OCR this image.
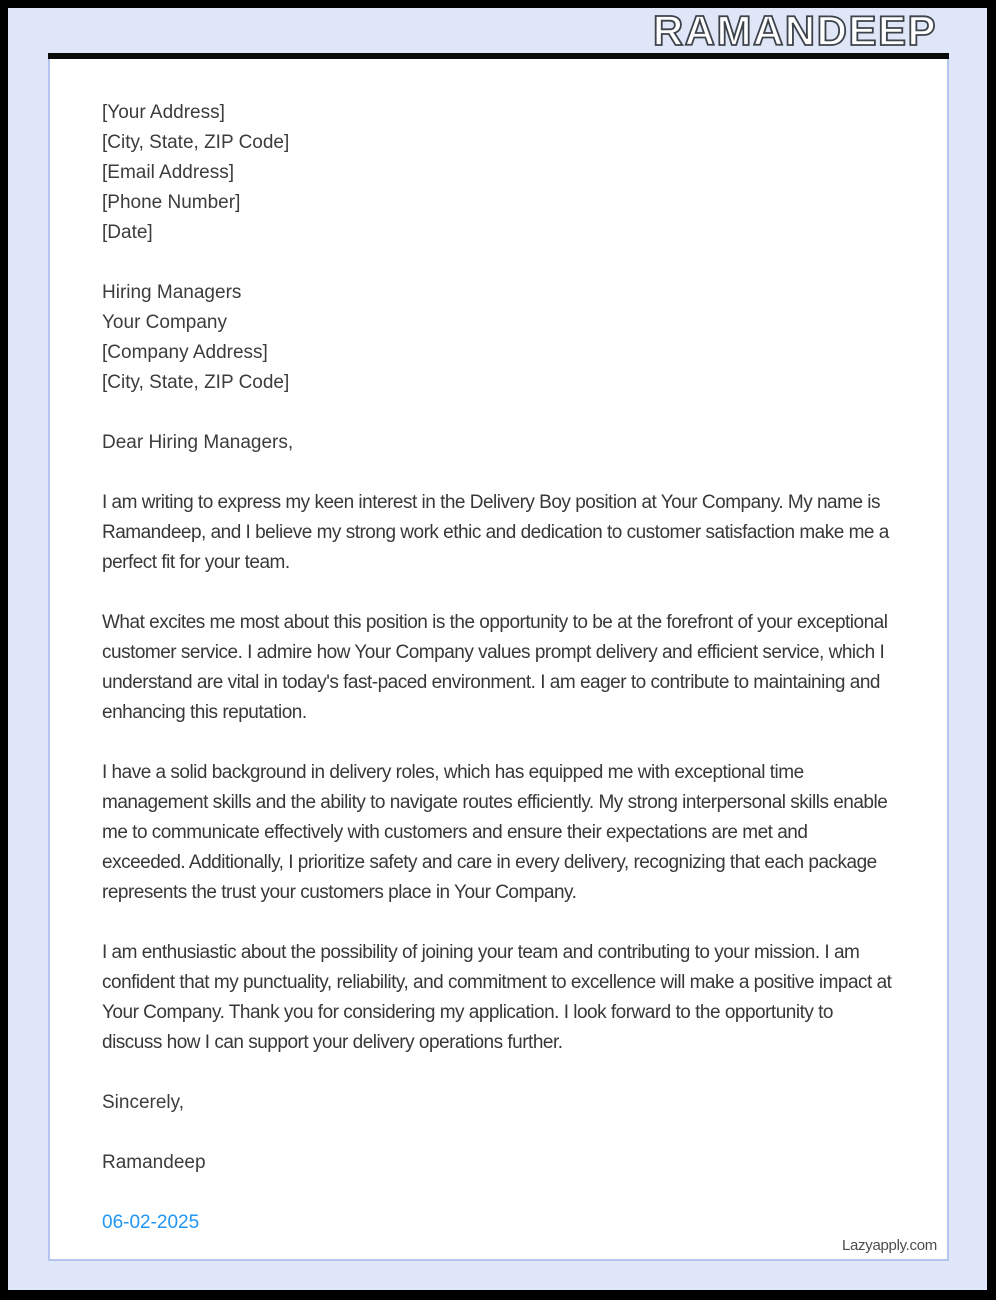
RAMANDEEP
[Your Address]
[City, State, ZIP Code]
[Email Address]
[Phone Number]
[Date]
Hiring Managers
Your Company
[Company Address]
[City, State, ZIP Code]
Dear Hiring Managers,

I am writing to express my keen interest in the Delivery Boy position at Your Company. My name is Ramandeep, and I believe my strong work ethic and dedication to customer satisfaction make me a perfect fit for your team.

What excites me most about this position is the opportunity to be at the forefront of your exceptional customer service. I admire how Your Company values prompt delivery and efficient service, which I understand are vital in today's fast-paced environment. I am eager to contribute to maintaining and enhancing this reputation.

I have a solid background in delivery roles, which has equipped me with exceptional time management skills and the ability to navigate routes efficiently. My strong interpersonal skills enable me to communicate effectively with customers and ensure their expectations are met and exceeded. Additionally, I prioritize safety and care in every delivery, recognizing that each package represents the trust your customers place in Your Company.

I am enthusiastic about the possibility of joining your team and contributing to your mission. I am confident that my punctuality, reliability, and commitment to excellence will make a positive impact at Your Company. Thank you for considering my application. I look forward to the opportunity to discuss how I can support your delivery operations further.

Sincerely,
Ramandeep
06-02-2025
Lazyapply.com
